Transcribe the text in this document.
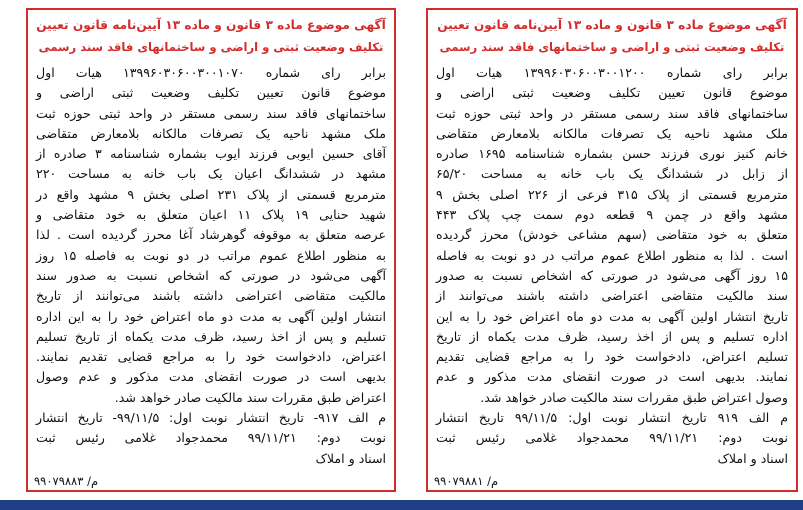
آگهی موضوع ماده ۳ قانون و ماده ۱۳ آیین‌نامه قانون تعیین
تکلیف وضعیت ثبتی و اراضی و ساختمانهای فاقد سند رسمی
برابر رای شماره ۱۳۹۹۶۰۳۰۶۰۰۳۰۰۱۲۰۰ هیات اول
موضوع قانون تعیین تکلیف وضعیت ثبتی اراضی و
ساختمانهای فاقد سند رسمی مستقر در واحد ثبتی حوزه ثبت
ملک مشهد ناحیه یک تصرفات مالکانه بلامعارض متقاضی
خانم کنیز نوری فرزند حسن بشماره شناسنامه ۱۶۹۵ صادره
از زابل در ششدانگ یک باب خانه به مساحت ۶۵/۲۰
مترمربع قسمتی از پلاک ۳۱۵ فرعی از ۲۲۶ اصلی بخش ۹
مشهد واقع در چمن ۹ قطعه دوم سمت چپ پلاک ۴۴۳
متعلق به خود متقاضی (سهم مشاعی خودش) محرز گردیده
است . لذا به منظور اطلاع عموم مراتب در دو نوبت به فاصله
۱۵ روز آگهی می‌شود در صورتی که اشخاص نسبت به صدور
سند مالکیت متقاضی اعتراضی داشته باشند می‌توانند از
تاریخ انتشار اولین آگهی به مدت دو ماه اعتراض خود را به این
اداره تسلیم و پس از اخذ رسید، ظرف مدت یکماه از تاریخ
تسلیم اعتراض، دادخواست خود را به مراجع قضایی تقدیم
نمایند. بدیهی است در صورت انقضای مدت مذکور و عدم
وصول اعتراض طبق مقررات سند مالکیت صادر خواهد شد.
م الف ۹۱۹ تاریخ انتشار نوبت اول: ۹۹/۱۱/۵ تاریخ انتشار
نوبت دوم: ۹۹/۱۱/۲۱ محمدجواد غلامی رئیس ثبت
اسناد و املاک
۹۹۰۷۹۸۸۱ /م
آگهی موضوع ماده ۳ قانون و ماده ۱۳ آیین‌نامه قانون تعیین
تکلیف وضعیت ثبتی و اراضی و ساختمانهای فاقد سند رسمی
برابر رای شماره ۱۳۹۹۶۰۳۰۶۰۰۳۰۰۱۰۷۰ هیات اول
موضوع قانون تعیین تکلیف وضعیت ثبتی اراضی و
ساختمانهای فاقد سند رسمی مستقر در واحد ثبتی حوزه ثبت
ملک مشهد ناحیه یک تصرفات مالکانه بلامعارض متقاضی
آقای حسین ایوبی فرزند ایوب بشماره شناسنامه ۳ صادره از
مشهد در ششدانگ اعیان یک باب خانه به مساحت ۲۲۰
مترمربع قسمتی از پلاک ۲۳۱ اصلی بخش ۹ مشهد واقع در
شهید حنایی ۱۹ پلاک ۱۱ اعیان متعلق به خود متقاضی و
عرصه متعلق به موقوفه گوهرشاد آغا محرز گردیده است . لذا
به منظور اطلاع عموم مراتب در دو نوبت به فاصله ۱۵ روز
آگهی می‌شود در صورتی که اشخاص نسبت به صدور سند
مالکیت متقاضی اعتراضی داشته باشند می‌توانند از تاریخ
انتشار اولین آگهی به مدت دو ماه اعتراض خود را به این اداره
تسلیم و پس از اخذ رسید، ظرف مدت یکماه از تاریخ تسلیم
اعتراض، دادخواست خود را به مراجع قضایی تقدیم نمایند.
بدیهی است در صورت انقضای مدت مذکور و عدم وصول
اعتراض طبق مقررات سند مالکیت صادر خواهد شد.
م الف ۹۱۷- تاریخ انتشار نوبت اول: ۹۹/۱۱/۵- تاریخ انتشار
نوبت دوم: ۹۹/۱۱/۲۱ محمدجواد غلامی رئیس ثبت
اسناد و املاک
۹۹۰۷۹۸۸۳ /م
